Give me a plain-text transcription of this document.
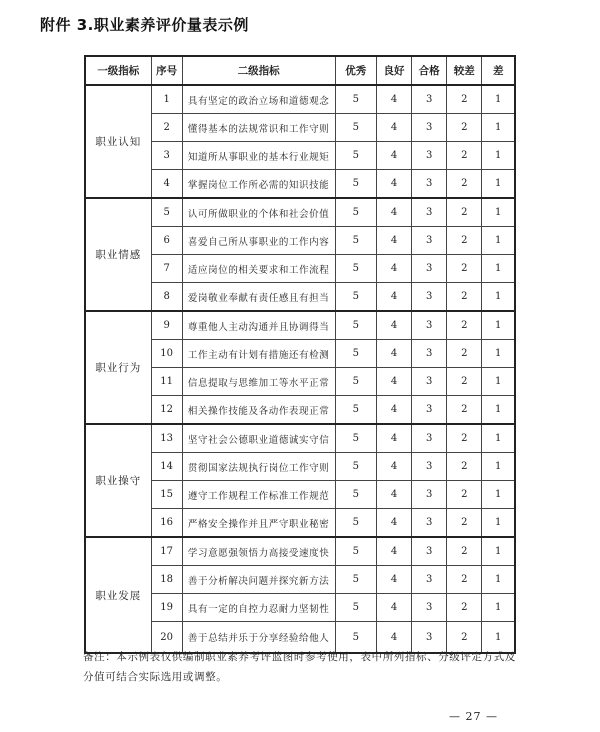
附件 3.职业素养评价量表示例
一级指标	序号	二级指标	优秀	良好	合格	较差	差
职业认知	1	具有坚定的政治立场和道德观念	5	4	3	2	1
	2	懂得基本的法规常识和工作守则	5	4	3	2	1
	3	知道所从事职业的基本行业规矩	5	4	3	2	1
	4	掌握岗位工作所必需的知识技能	5	4	3	2	1
职业情感	5	认可所做职业的个体和社会价值	5	4	3	2	1
	6	喜爱自己所从事职业的工作内容	5	4	3	2	1
	7	适应岗位的相关要求和工作流程	5	4	3	2	1
	8	爱岗敬业奉献有责任感且有担当	5	4	3	2	1
职业行为	9	尊重他人主动沟通并且协调得当	5	4	3	2	1
	10	工作主动有计划有措施还有检测	5	4	3	2	1
	11	信息提取与思维加工等水平正常	5	4	3	2	1
	12	相关操作技能及各动作表现正常	5	4	3	2	1
职业操守	13	坚守社会公德职业道德诚实守信	5	4	3	2	1
	14	贯彻国家法规执行岗位工作守则	5	4	3	2	1
	15	遵守工作规程工作标准工作规范	5	4	3	2	1
	16	严格安全操作并且严守职业秘密	5	4	3	2	1
职业发展	17	学习意愿强领悟力高接受速度快	5	4	3	2	1
	18	善于分析解决问题并探究新方法	5	4	3	2	1
	19	具有一定的自控力忍耐力坚韧性	5	4	3	2	1
	20	善于总结并乐于分享经验给他人	5	4	3	2	1
备注：本示例表仅供编制职业素养考评蓝图时参考使用，表中所列指标、分级评定方式及分值可结合实际选用或调整。
— 27 —
